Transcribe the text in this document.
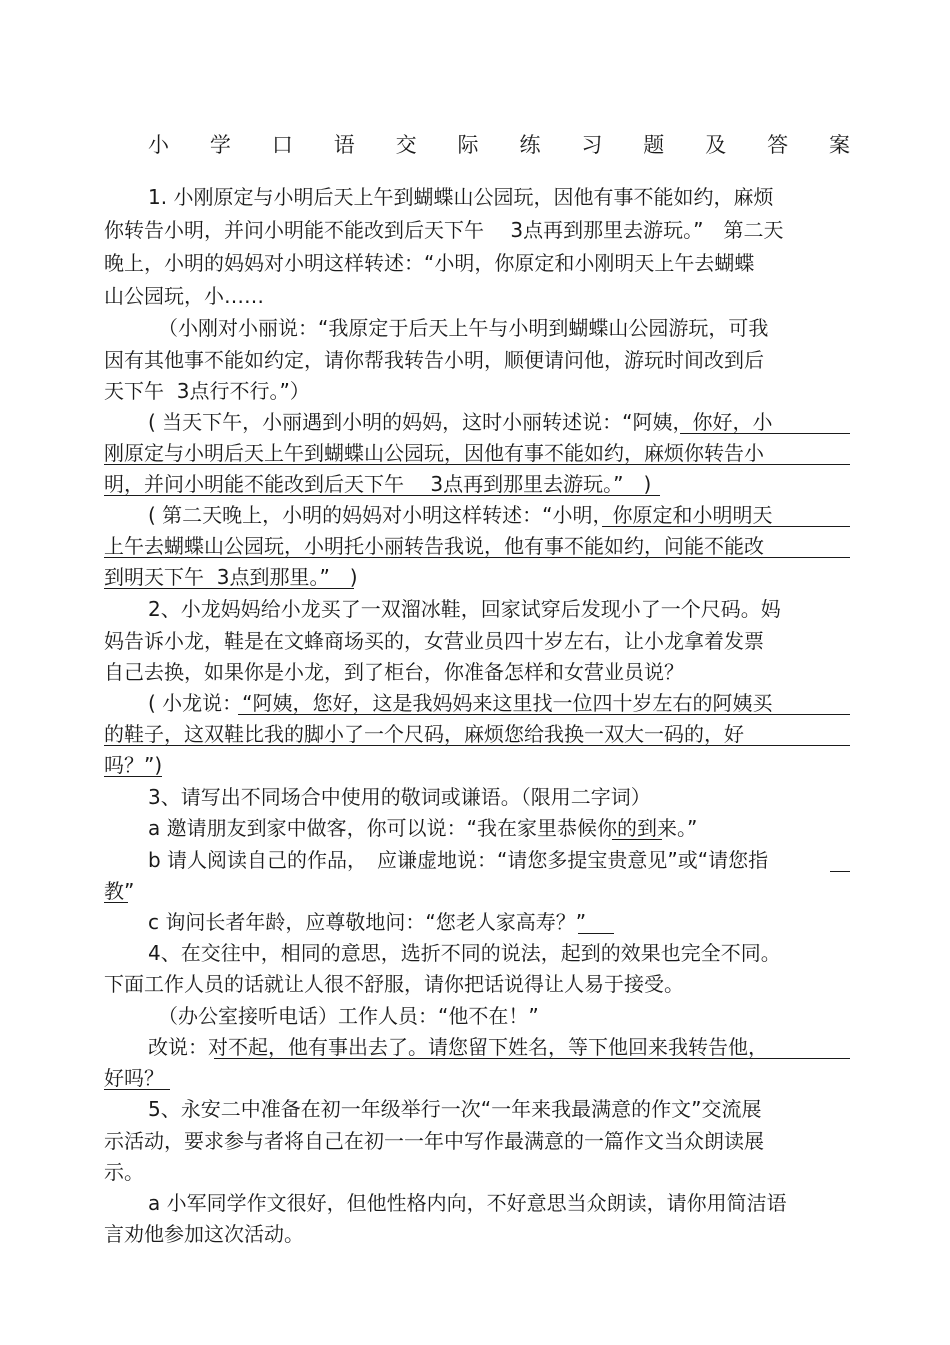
小 学 口 语 交 际 练 习 题 及 答 案
1. 小刚原定与小明后天上午到蝴蝶山公园玩，因他有事不能如约，麻烦
你转告小明，并问小明能不能改到后天下午　 3点再到那里去游玩。”　第二天
晚上，小明的妈妈对小明这样转述：“小明，你原定和小刚明天上午去蝴蝶
山公园玩，小……
（小刚对小丽说：“我原定于后天上午与小明到蝴蝶山公园游玩，可我
因有其他事不能如约定，请你帮我转告小明，顺便请问他，游玩时间改到后
天下午  3点行不行。”）
( 当天下午，小丽遇到小明的妈妈，这时小丽转述说：“阿姨，你好，小
刚原定与小明后天上午到蝴蝶山公园玩，因他有事不能如约，麻烦你转告小
明，并问小明能不能改到后天下午　 3点再到那里去游玩。”　)
( 第二天晚上，小明的妈妈对小明这样转述：“小明，你原定和小明明天
上午去蝴蝶山公园玩，小明托小丽转告我说，他有事不能如约，问能不能改
到明天下午  3点到那里。”　)
2、小龙妈妈给小龙买了一双溜冰鞋，回家试穿后发现小了一个尺码。妈
妈告诉小龙，鞋是在文蜂商场买的，女营业员四十岁左右，让小龙拿着发票
自己去换，如果你是小龙，到了柜台，你准备怎样和女营业员说？
( 小龙说：“阿姨，您好，这是我妈妈来这里找一位四十岁左右的阿姨买
的鞋子，这双鞋比我的脚小了一个尺码，麻烦您给我换一双大一码的，好
吗？”)
3、请写出不同场合中使用的敬词或谦语。（限用二字词）
a 邀请朋友到家中做客，你可以说：“我在家里恭候你的到来。”
b 请人阅读自己的作品，　应谦虚地说：“请您多提宝贵意见”或“请您指
教”
c 询问长者年龄，应尊敬地问：“您老人家高寿？”
4、在交往中，相同的意思，选折不同的说法，起到的效果也完全不同。
下面工作人员的话就让人很不舒服，请你把话说得让人易于接受。
（办公室接听电话）工作人员：“他不在！”
改说：对不起，他有事出去了。请您留下姓名，等下他回来我转告他，
好吗？
5、永安二中准备在初一年级举行一次“一年来我最满意的作文”交流展
示活动，要求参与者将自己在初一一年中写作最满意的一篇作文当众朗读展
示。
a 小军同学作文很好，但他性格内向，不好意思当众朗读，请你用简洁语
言劝他参加这次活动。
